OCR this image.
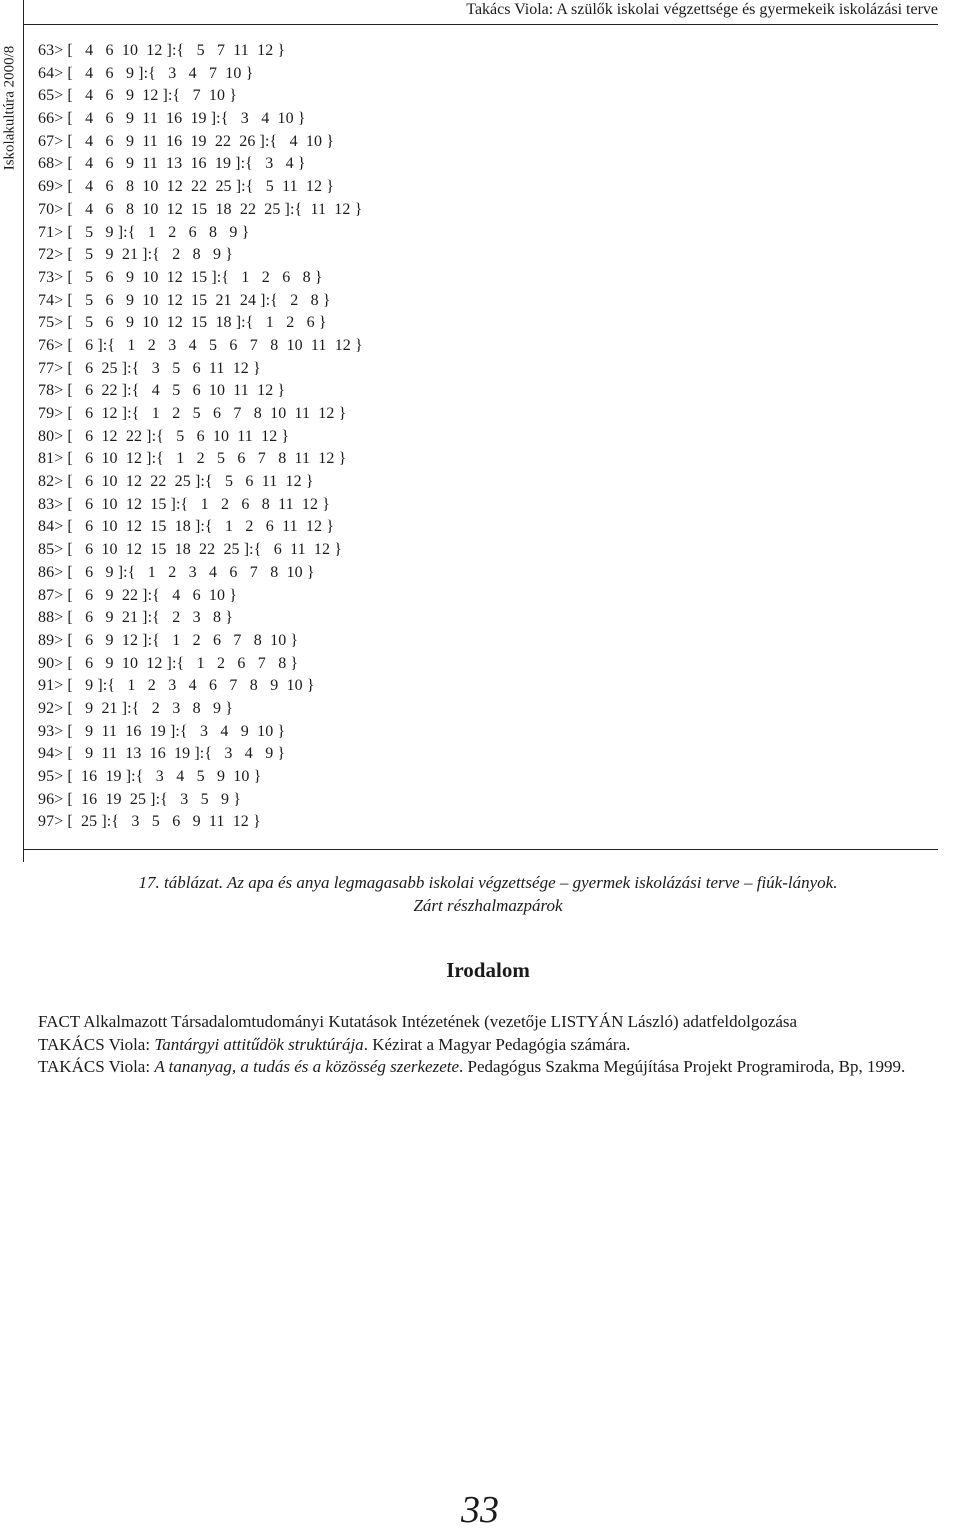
Iskolakultúra 2000/8
Takács Viola: A szülők iskolai végzettsége és gyermekeik iskolázási terve
63> [   4   6  10  12 ]:{   5   7  11  12 }
64> [   4   6   9 ]:{   3   4   7  10 }
65> [   4   6   9  12 ]:{   7  10 }
66> [   4   6   9  11  16  19 ]:{   3   4  10 }
67> [   4   6   9  11  16  19  22  26 ]:{   4  10 }
68> [   4   6   9  11  13  16  19 ]:{   3   4 }
69> [   4   6   8  10  12  22  25 ]:{   5  11  12 }
70> [   4   6   8  10  12  15  18  22  25 ]:{  11  12 }
71> [   5   9 ]:{   1   2   6   8   9 }
72> [   5   9  21 ]:{   2   8   9 }
73> [   5   6   9  10  12  15 ]:{   1   2   6   8 }
74> [   5   6   9  10  12  15  21  24 ]:{   2   8 }
75> [   5   6   9  10  12  15  18 ]:{   1   2   6 }
76> [   6 ]:{   1   2   3   4   5   6   7   8  10  11  12 }
77> [   6  25 ]:{   3   5   6  11  12 }
78> [   6  22 ]:{   4   5   6  10  11  12 }
79> [   6  12 ]:{   1   2   5   6   7   8  10  11  12 }
80> [   6  12  22 ]:{   5   6  10  11  12 }
81> [   6  10  12 ]:{   1   2   5   6   7   8  11  12 }
82> [   6  10  12  22  25 ]:{   5   6  11  12 }
83> [   6  10  12  15 ]:{   1   2   6   8  11  12 }
84> [   6  10  12  15  18 ]:{   1   2   6  11  12 }
85> [   6  10  12  15  18  22  25 ]:{   6  11  12 }
86> [   6   9 ]:{   1   2   3   4   6   7   8  10 }
87> [   6   9  22 ]:{   4   6  10 }
88> [   6   9  21 ]:{   2   3   8 }
89> [   6   9  12 ]:{   1   2   6   7   8  10 }
90> [   6   9  10  12 ]:{   1   2   6   7   8 }
91> [   9 ]:{   1   2   3   4   6   7   8   9  10 }
92> [   9  21 ]:{   2   3   8   9 }
93> [   9  11  16  19 ]:{   3   4   9  10 }
94> [   9  11  13  16  19 ]:{   3   4   9 }
95> [  16  19 ]:{   3   4   5   9  10 }
96> [  16  19  25 ]:{   3   5   9 }
97> [  25 ]:{   3   5   6   9  11  12 }
17. táblázat. Az apa és anya legmagasabb iskolai végzettsége – gyermek iskolázási terve – fiúk-lányok.
Zárt részhalmazpárok
Irodalom
FACT Alkalmazott Társadalomtudományi Kutatások Intézetének (vezetője LISTYÁN László) adatfeldolgozása
TAKÁCS Viola: Tantárgyi attitűdök struktúrája. Kézirat a Magyar Pedagógia számára.
TAKÁCS Viola: A tananyag, a tudás és a közösség szerkezete. Pedagógus Szakma Megújítása Projekt Programiroda, Bp, 1999.
33
